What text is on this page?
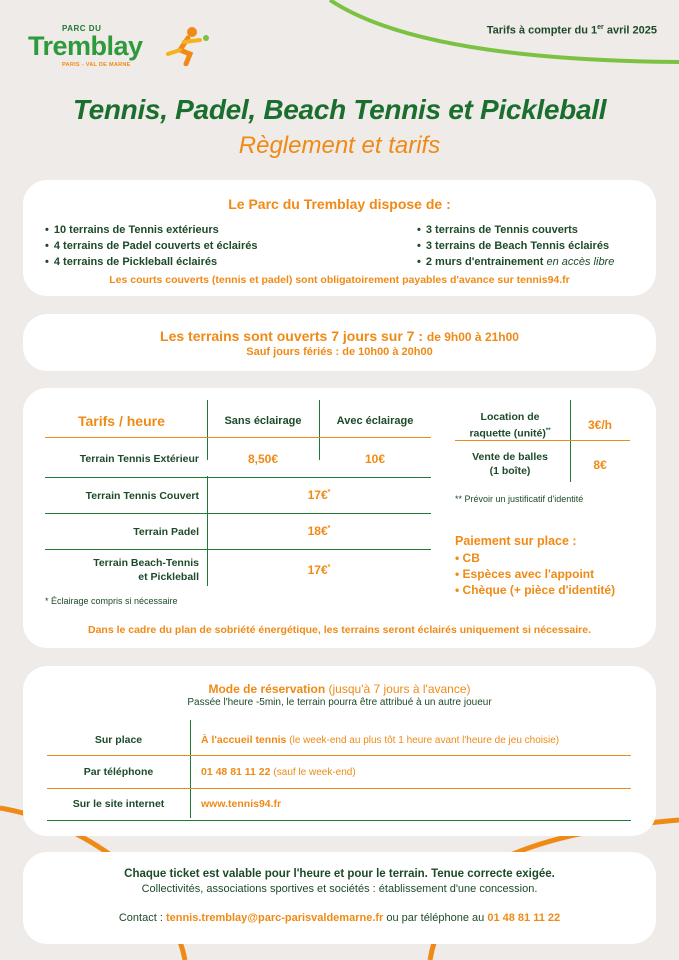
PARC DU
Tremblay
PARIS - VAL DE MARNE
Tarifs à compter du 1er avril 2025
Tennis, Padel, Beach Tennis et Pickleball
Règlement et tarifs
Le Parc du Tremblay dispose de :
• 10 terrains de Tennis extérieurs
• 4 terrains de Padel couverts et éclairés
• 4 terrains de Pickleball éclairés
• 3 terrains de Tennis couverts
• 3 terrains de Beach Tennis éclairés
• 2 murs d'entrainement en accès libre
Les courts couverts (tennis et padel) sont obligatoirement payables d'avance sur tennis94.fr
Les terrains sont ouverts 7 jours sur 7 : de 9h00 à 21h00
Sauf jours fériés : de 10h00 à 20h00
Tarifs / heure	Sans éclairage	Avec éclairage
Terrain Tennis Extérieur	8,50€	10€
Terrain Tennis Couvert	17€*
Terrain Padel	18€*
Terrain Beach-Tennis
et Pickleball	17€*
* Éclairage compris si nécessaire
Location de
raquette (unité)**	3€/h
Vente de balles
(1 boîte)	8€
** Prévoir un justificatif d'identité
Paiement sur place :
• CB
• Espèces avec l'appoint
• Chèque (+ pièce d'identité)
Dans le cadre du plan de sobriété énergétique, les terrains seront éclairés uniquement si nécessaire.
Mode de réservation (jusqu'à 7 jours à l'avance)
Passée l'heure -5min, le terrain pourra être attribué à un autre joueur
Sur place	À l'accueil tennis (le week-end au plus tôt 1 heure avant l'heure de jeu choisie)
Par téléphone	01 48 81 11 22 (sauf le week-end)
Sur le site internet	www.tennis94.fr
Chaque ticket est valable pour l'heure et pour le terrain. Tenue correcte exigée.
Collectivités, associations sportives et sociétés : établissement d'une concession.
Contact : tennis.tremblay@parc-parisvaldemarne.fr ou par téléphone au 01 48 81 11 22
